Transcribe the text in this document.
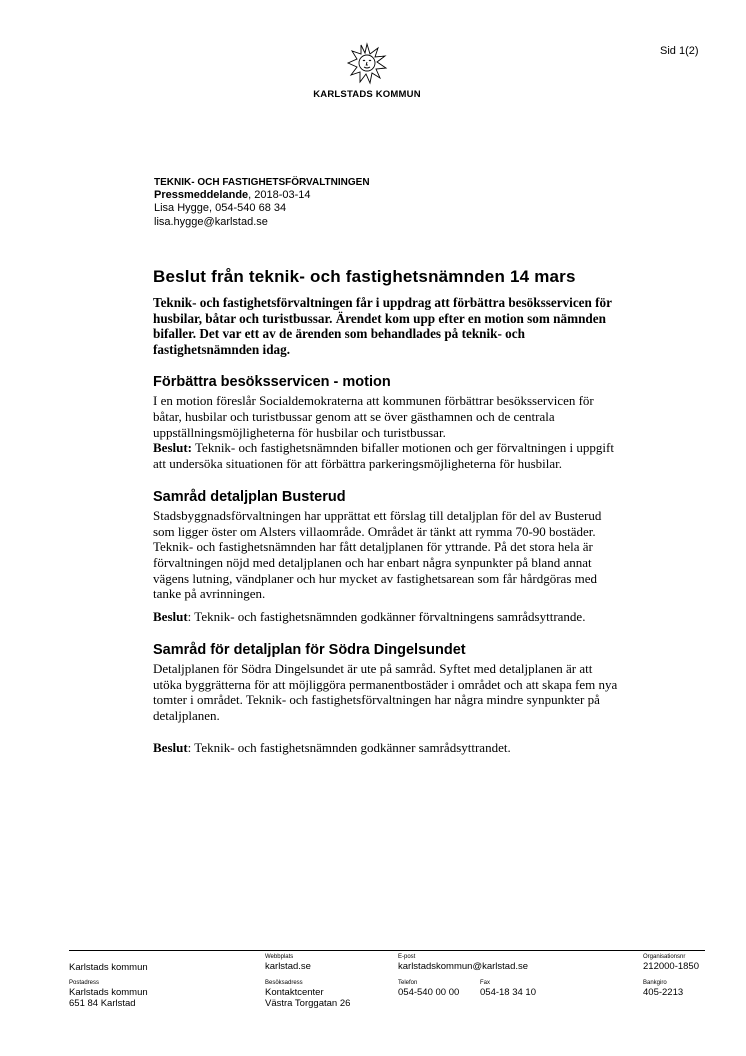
Sid 1(2)
KARLSTADS KOMMUN
TEKNIK- OCH FASTIGHETSFÖRVALTNINGEN
Pressmeddelande, 2018-03-14
Lisa Hygge, 054-540 68 34
lisa.hygge@karlstad.se
Beslut från teknik- och fastighetsnämnden 14 mars

Teknik- och fastighetsförvaltningen får i uppdrag att förbättra besöksservicen för husbilar, båtar och turistbussar. Ärendet kom upp efter en motion som nämnden bifaller. Det var ett av de ärenden som behandlades på teknik- och fastighetsnämnden idag.

Förbättra besöksservicen - motion

I en motion föreslår Socialdemokraterna att kommunen förbättrar besöksservicen för båtar, husbilar och turistbussar genom att se över gästhamnen och de centrala uppställningsmöjligheterna för husbilar och turistbussar.

Beslut: Teknik- och fastighetsnämnden bifaller motionen och ger förvaltningen i uppgift att undersöka situationen för att förbättra parkeringsmöjligheterna för husbilar.

Samråd detaljplan Busterud

Stadsbyggnadsförvaltningen har upprättat ett förslag till detaljplan för del av Busterud som ligger öster om Alsters villaområde. Området är tänkt att rymma 70-90 bostäder. Teknik- och fastighetsnämnden har fått detaljplanen för yttrande. På det stora hela är förvaltningen nöjd med detaljplanen och har enbart några synpunkter på bland annat vägens lutning, vändplaner och hur mycket av fastighetsarean som får hårdgöras med tanke på avrinningen.

Beslut: Teknik- och fastighetsnämnden godkänner förvaltningens samrådsyttrande.

Samråd för detaljplan för Södra Dingelsundet

Detaljplanen för Södra Dingelsundet är ute på samråd. Syftet med detaljplanen är att utöka byggrätterna för att möjliggöra permanentbostäder i området och att skapa fem nya tomter i området. Teknik- och fastighetsförvaltningen har några mindre synpunkter på detaljplanen.

Beslut: Teknik- och fastighetsnämnden godkänner samrådsyttrandet.

Karlstads kommun
Webbplats
karlstad.se
E-post
karlstadskommun@karlstad.se
Organisationsnr
212000-1850
Postadress
Karlstads kommun
651 84 Karlstad
Besöksadress
Kontaktcenter
Västra Torggatan 26
Telefon
054-540 00 00
Fax
054-18 34 10
Bankgiro
405-2213
